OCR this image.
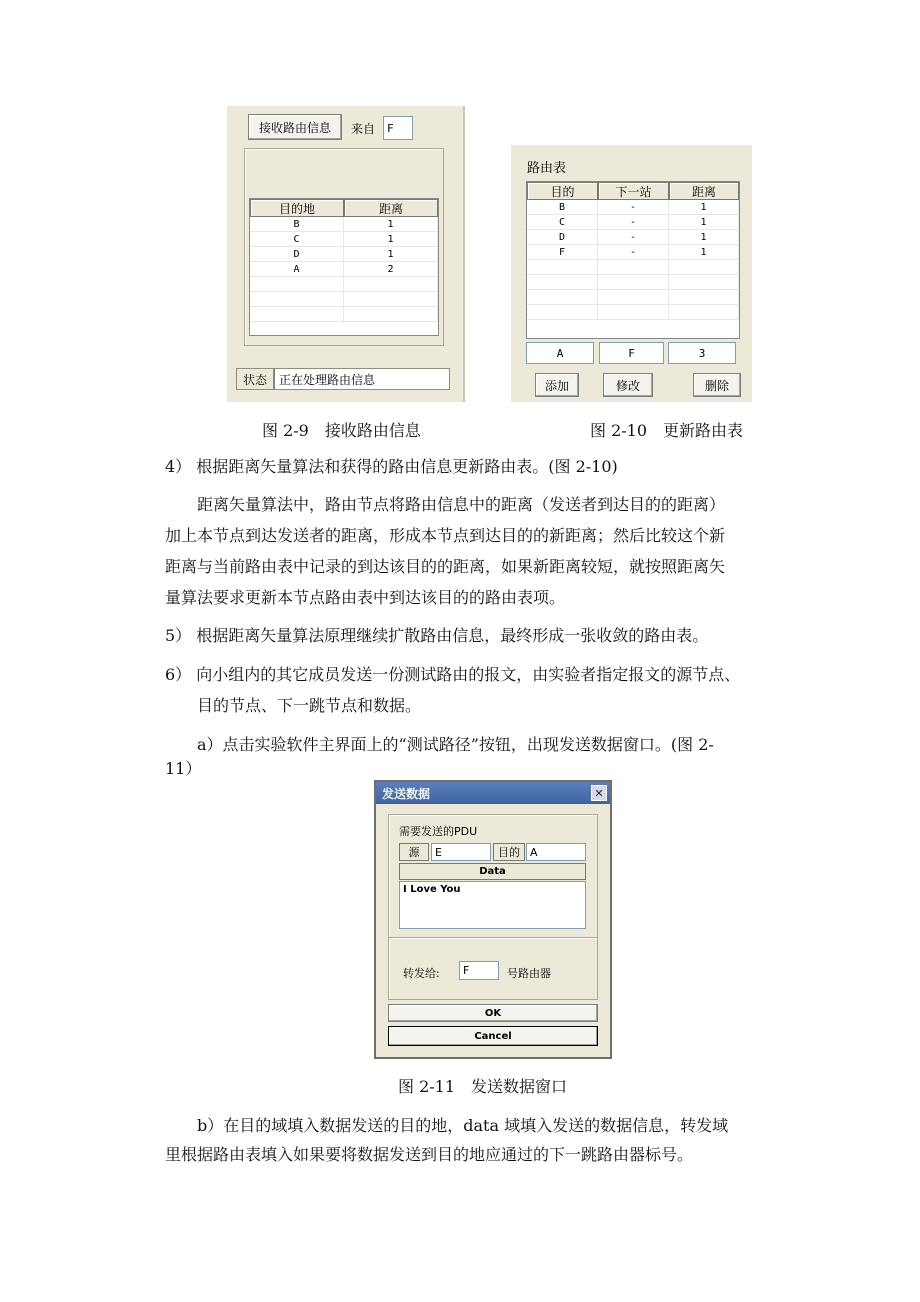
接收路由信息	来自	F
目的地	距离
B	1
C	1
D	1
A	2
状态	正在处理路由信息
路由表
目的	下一站	距离
B	-	1
C	-	1
D	-	1
F	-	1
A	F	3
添加	修改	删除
图 2-9　接收路由信息	图 2-10　更新路由表
4） 根据距离矢量算法和获得的路由信息更新路由表。(图 2-10)
距离矢量算法中，路由节点将路由信息中的距离（发送者到达目的的距离）
加上本节点到达发送者的距离，形成本节点到达目的的新距离；然后比较这个新
距离与当前路由表中记录的到达该目的的距离，如果新距离较短，就按照距离矢
量算法要求更新本节点路由表中到达该目的的路由表项。
5） 根据距离矢量算法原理继续扩散路由信息，最终形成一张收敛的路由表。
6） 向小组内的其它成员发送一份测试路由的报文，由实验者指定报文的源节点、
目的节点、下一跳节点和数据。
a）点击实验软件主界面上的“测试路径”按钮，出现发送数据窗口。(图 2-
11）
发送数据	✕
需要发送的PDU
源	E	目的 A
Data
I Love You
转发给:	F	号路由器
OK
Cancel
图 2-11　发送数据窗口
b）在目的域填入数据发送的目的地，data 域填入发送的数据信息，转发域
里根据路由表填入如果要将数据发送到目的地应通过的下一跳路由器标号。
